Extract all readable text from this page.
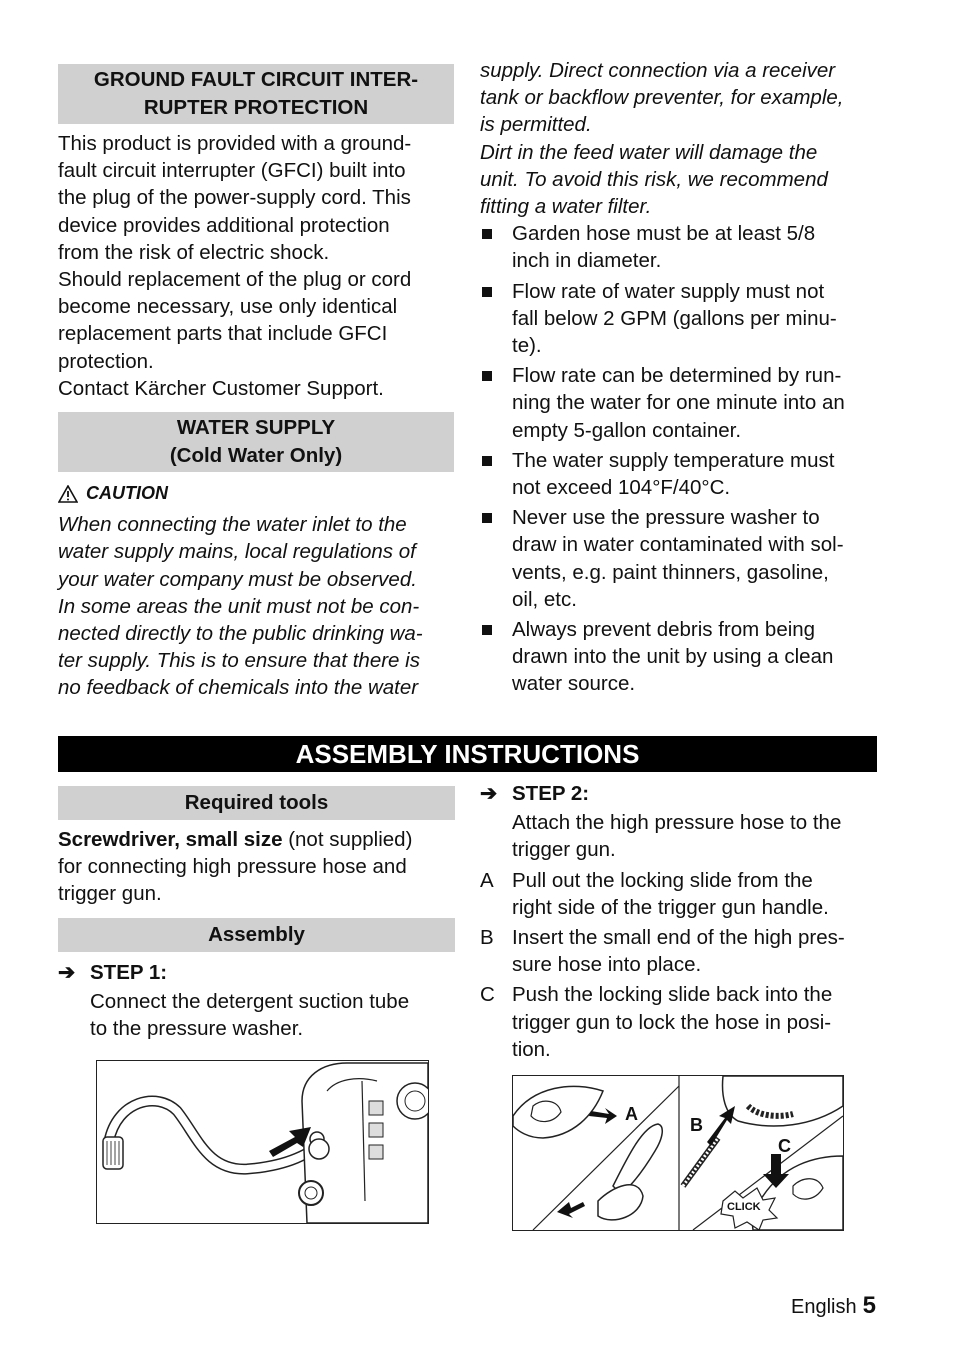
GROUND FAULT CIRCUIT INTER-
RUPTER PROTECTION
This product is provided with a ground-
fault circuit interrupter (GFCI) built into
the plug of the power-supply cord. This
device provides additional protection
from the risk of electric shock.
Should replacement of the plug or cord
become necessary, use only identical
replacement parts that include GFCI
protection.
Contact Kärcher Customer Support.
WATER SUPPLY
(Cold Water Only)
CAUTION
When connecting the water inlet to the
water supply mains, local regulations of
your water company must be observed.
In some areas the unit must not be con-
nected directly to the public drinking wa-
ter supply. This is to ensure that there is
no feedback of chemicals into the water
supply. Direct connection via a receiver
tank or backflow preventer, for example,
is permitted.
Dirt in the feed water will damage the
unit. To avoid this risk, we recommend
fitting a water filter.
Garden hose must be at least 5/8
inch in diameter.
Flow rate of water supply must not
fall below 2 GPM (gallons per minu-
te).
Flow rate can be determined by run-
ning the water for one minute into an
empty 5-gallon container.
The water supply temperature must
not exceed 104°F/40°C.
Never use the pressure washer to
draw in water contaminated with sol-
vents, e.g. paint thinners, gasoline,
oil, etc.
Always prevent debris from being
drawn into the unit by using a clean
water source.
ASSEMBLY INSTRUCTIONS
Required tools
Screwdriver, small size (not supplied)
for connecting high pressure hose and
trigger gun.
Assembly
➔ STEP 1:
Connect the detergent suction tube
to the pressure washer.
➔ STEP 2:
Attach the high pressure hose to the
trigger gun.
A Pull out the locking slide from the
right side of the trigger gun handle.
B Insert the small end of the high pres-
sure hose into place.
C Push the locking slide back into the
trigger gun to lock the hose in posi-
tion.
A
B
C
CLICK
English 5
